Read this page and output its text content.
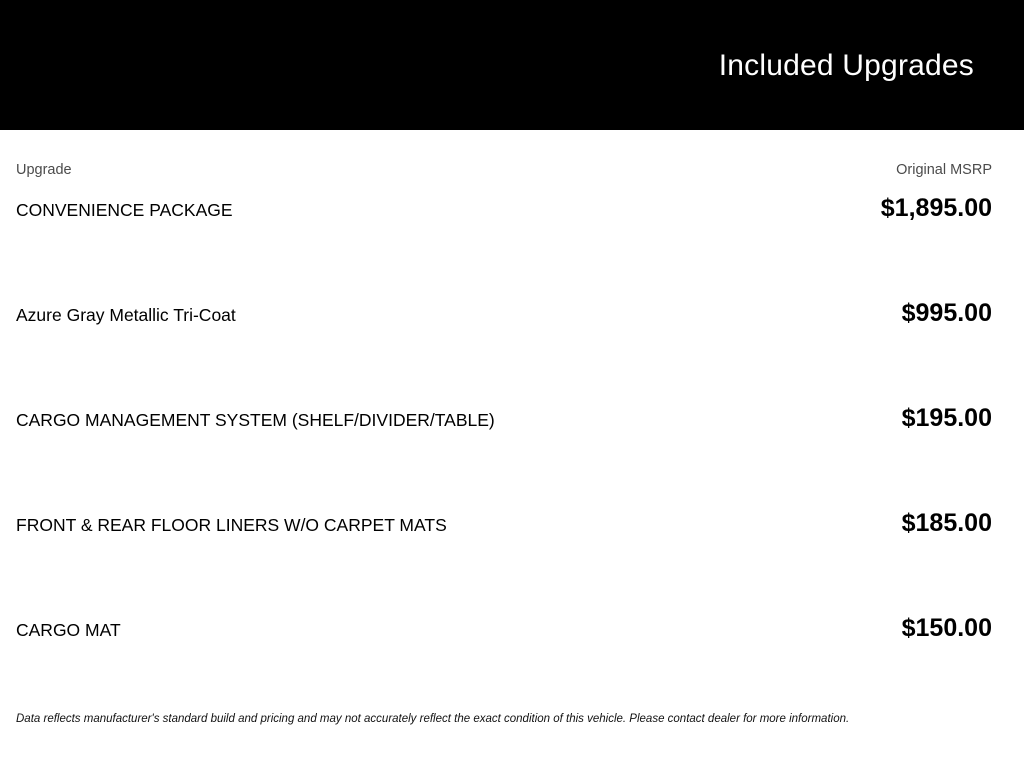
Included Upgrades
Upgrade	Original MSRP
CONVENIENCE PACKAGE	$1,895.00
Azure Gray Metallic Tri-Coat	$995.00
CARGO MANAGEMENT SYSTEM (SHELF/DIVIDER/TABLE)	$195.00
FRONT & REAR FLOOR LINERS W/O CARPET MATS	$185.00
CARGO MAT	$150.00
Data reflects manufacturer's standard build and pricing and may not accurately reflect the exact condition of this vehicle. Please contact dealer for more information.
